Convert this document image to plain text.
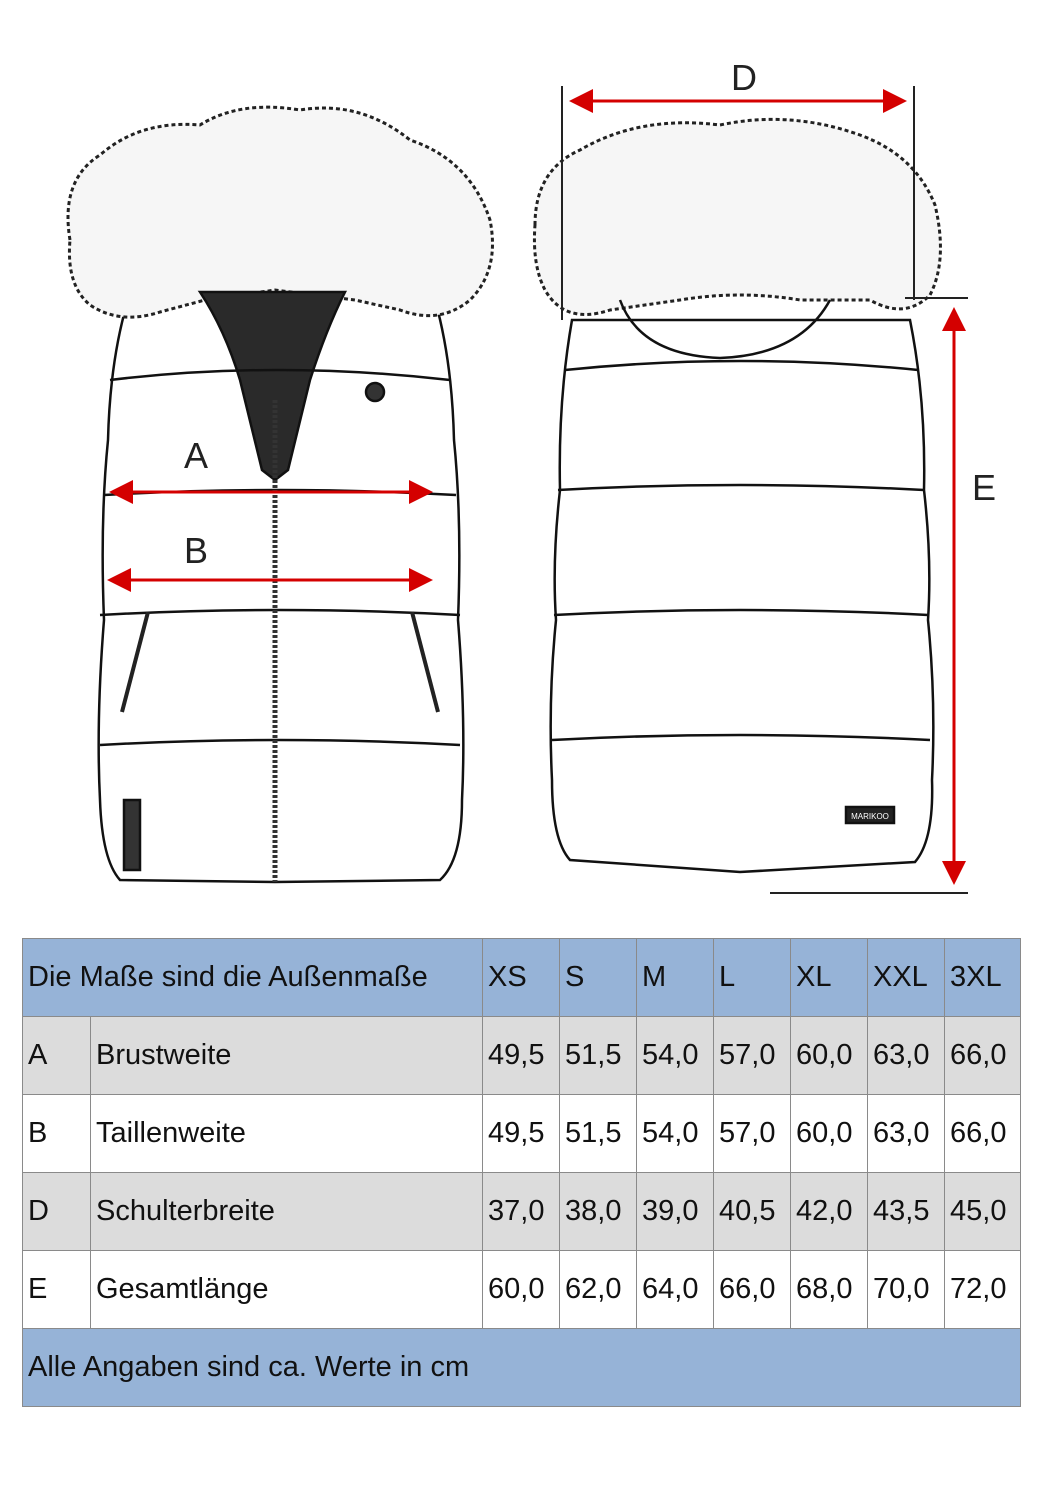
A
B
MARIKOO
D
E
Die Maße sind die Außenmaße		XS	S	M	L	XL	XXL	3XL
A	Brustweite	49,5	51,5	54,0	57,0	60,0	63,0	66,0
B	Taillenweite	49,5	51,5	54,0	57,0	60,0	63,0	66,0
D	Schulterbreite	37,0	38,0	39,0	40,5	42,0	43,5	45,0
E	Gesamtlänge	60,0	62,0	64,0	66,0	68,0	70,0	72,0
Alle Angaben sind ca. Werte in cm								
